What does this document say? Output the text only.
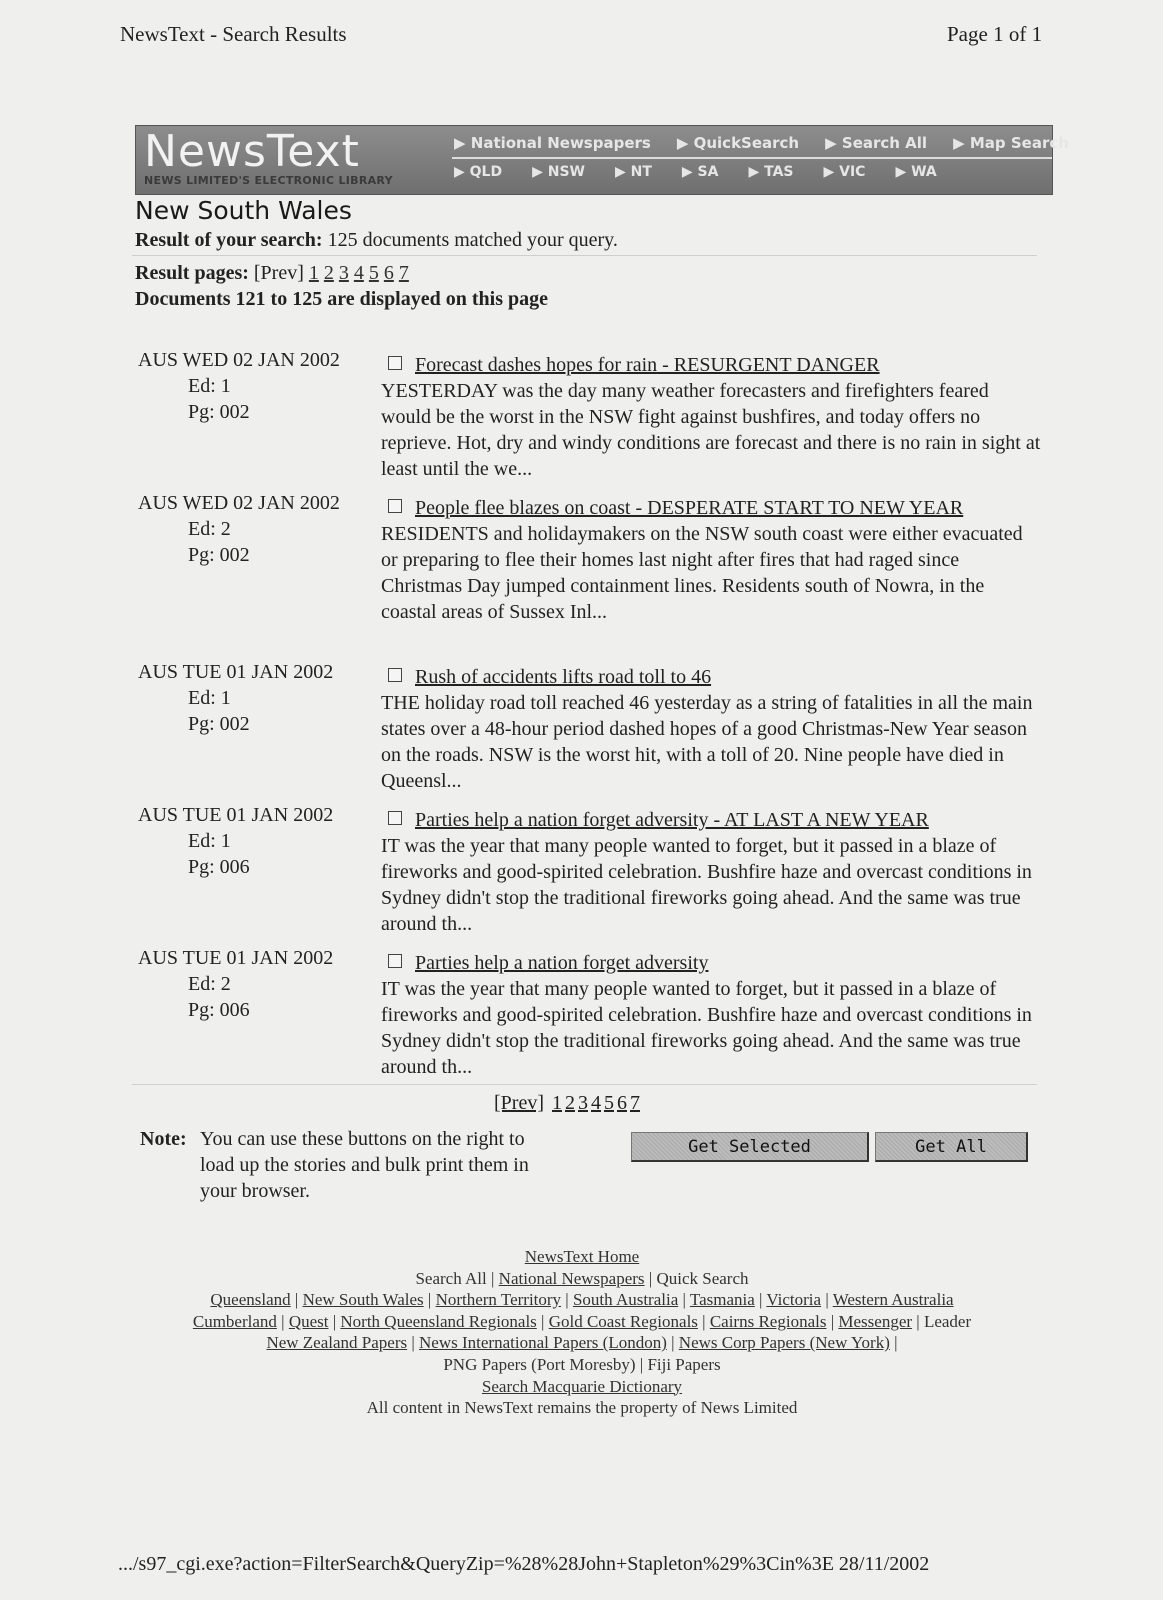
NewsText - Search Results	Page 1 of 1
NewsText
NEWS LIMITED'S ELECTRONIC LIBRARY
▶ National Newspapers ▶ QuickSearch ▶ Search All ▶ Map Search
▶ QLD ▶ NSW ▶ NT ▶ SA ▶ TAS ▶ VIC ▶ WA
New South Wales
Result of your search: 125 documents matched your query.
Result pages: [Prev] 1 2 3 4 5 6 7
Documents 121 to 125 are displayed on this page
AUS WED 02 JAN 2002
Ed: 1
Pg: 002
Forecast dashes hopes for rain - RESURGENT DANGER
YESTERDAY was the day many weather forecasters and firefighters feared would be the worst in the NSW fight against bushfires, and today offers no reprieve. Hot, dry and windy conditions are forecast and there is no rain in sight at least until the we...
AUS WED 02 JAN 2002
Ed: 2
Pg: 002
People flee blazes on coast - DESPERATE START TO NEW YEAR
RESIDENTS and holidaymakers on the NSW south coast were either evacuated or preparing to flee their homes last night after fires that had raged since Christmas Day jumped containment lines. Residents south of Nowra, in the coastal areas of Sussex Inl...
AUS TUE 01 JAN 2002
Ed: 1
Pg: 002
Rush of accidents lifts road toll to 46
THE holiday road toll reached 46 yesterday as a string of fatalities in all the main states over a 48-hour period dashed hopes of a good Christmas-New Year season on the roads. NSW is the worst hit, with a toll of 20. Nine people have died in Queensl...
AUS TUE 01 JAN 2002
Ed: 1
Pg: 006
Parties help a nation forget adversity - AT LAST A NEW YEAR
IT was the year that many people wanted to forget, but it passed in a blaze of fireworks and good-spirited celebration. Bushfire haze and overcast conditions in Sydney didn't stop the traditional fireworks going ahead. And the same was true around th...
AUS TUE 01 JAN 2002
Ed: 2
Pg: 006
Parties help a nation forget adversity
IT was the year that many people wanted to forget, but it passed in a blaze of fireworks and good-spirited celebration. Bushfire haze and overcast conditions in Sydney didn't stop the traditional fireworks going ahead. And the same was true around th...
[Prev] 1 2 3 4 5 6 7
Note: You can use these buttons on the right to load up the stories and bulk print them in your browser.
Get Selected	Get All
NewsText Home
Search All | National Newspapers | Quick Search
Queensland | New South Wales | Northern Territory | South Australia | Tasmania | Victoria | Western Australia
Cumberland | Quest | North Queensland Regionals | Gold Coast Regionals | Cairns Regionals | Messenger | Leader
New Zealand Papers | News International Papers (London) | News Corp Papers (New York) |
PNG Papers (Port Moresby) | Fiji Papers
Search Macquarie Dictionary
All content in NewsText remains the property of News Limited
.../s97_cgi.exe?action=FilterSearch&QueryZip=%28%28John+Stapleton%29%3Cin%3E 28/11/2002
